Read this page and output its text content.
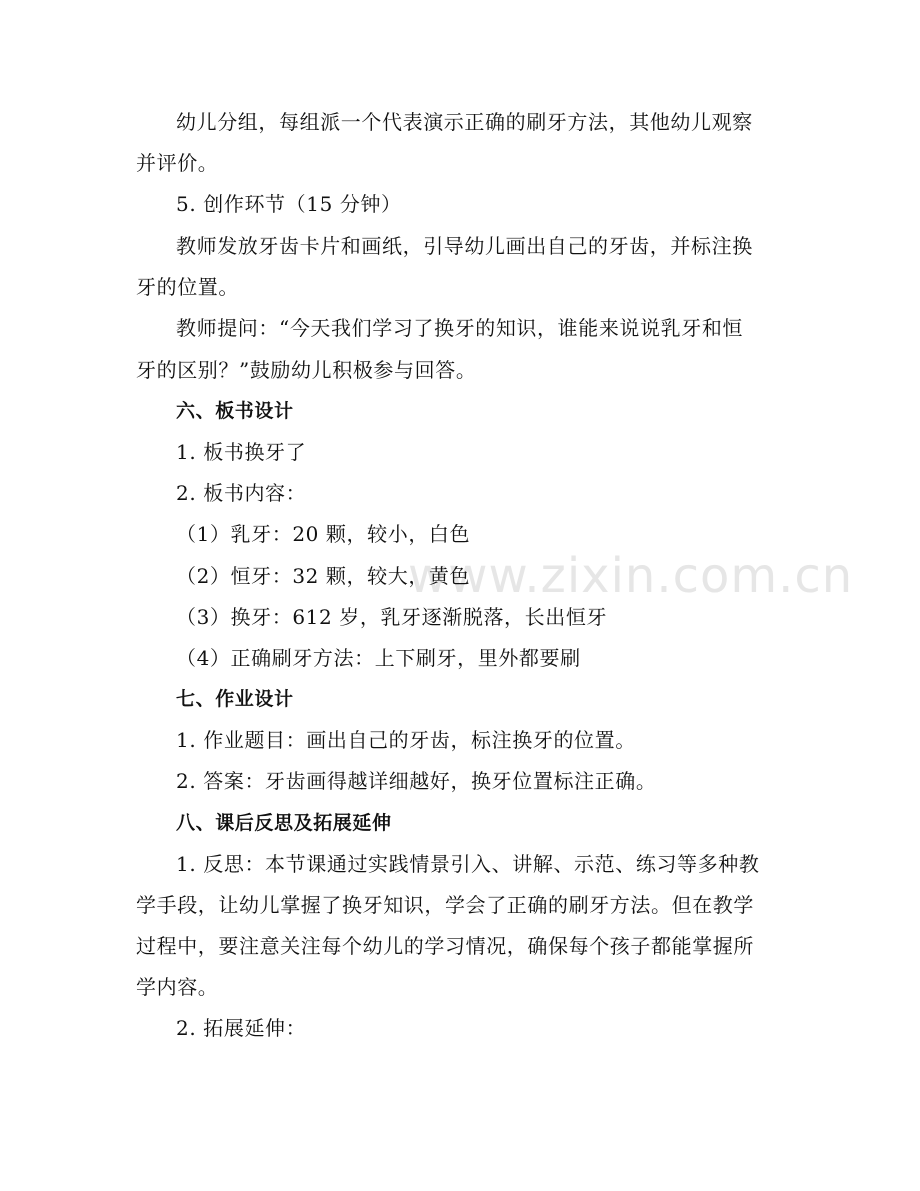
www.zixin.com.cn
幼儿分组，每组派一个代表演示正确的刷牙方法，其他幼儿观察
并评价。
5. 创作环节（15 分钟）
教师发放牙齿卡片和画纸，引导幼儿画出自己的牙齿，并标注换
牙的位置。
教师提问：“今天我们学习了换牙的知识，谁能来说说乳牙和恒
牙的区别？”鼓励幼儿积极参与回答。
六、板书设计
1. 板书换牙了
2. 板书内容：
（1）乳牙：20 颗，较小，白色
（2）恒牙：32 颗，较大，黄色
（3）换牙：612 岁，乳牙逐渐脱落，长出恒牙
（4）正确刷牙方法：上下刷牙，里外都要刷
七、作业设计
1. 作业题目：画出自己的牙齿，标注换牙的位置。
2. 答案：牙齿画得越详细越好，换牙位置标注正确。
八、课后反思及拓展延伸
1. 反思：本节课通过实践情景引入、讲解、示范、练习等多种教
学手段，让幼儿掌握了换牙知识，学会了正确的刷牙方法。但在教学
过程中，要注意关注每个幼儿的学习情况，确保每个孩子都能掌握所
学内容。
2. 拓展延伸：
